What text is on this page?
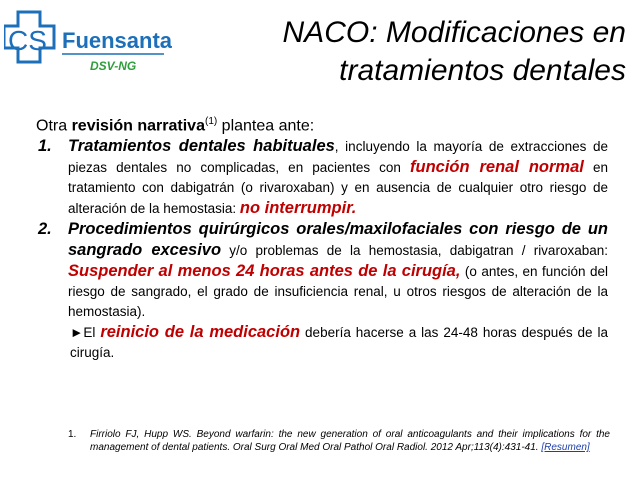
CS Fuensanta
DSV-NG
NACO: Modificaciones en
tratamientos dentales
Otra revisión narrativa$^{(1)}$ plantea ante:
1. Tratamientos dentales habituales, incluyendo la mayoría de extracciones de piezas dentales no complicadas, en pacientes con función renal normal en tratamiento con dabigatrán (o rivaroxaban) y en ausencia de cualquier otro riesgo de alteración de la hemostasia: no interrumpir.
2. Procedimientos quirúrgicos orales/maxilofaciales con riesgo de un sangrado excesivo y/o problemas de la hemostasia, dabigatran / rivaroxaban: Suspender al menos 24 horas antes de la cirugía, (o antes, en función del riesgo de sangrado, el grado de insuficiencia renal, u otros riesgos de alteración de la hemostasia).
►El reinicio de la medicación debería hacerse a las 24-48 horas después de la cirugía.
1.	Firriolo FJ, Hupp WS. Beyond warfarin: the new generation of oral anticoagulants and their implications for the management of dental patients. Oral Surg Oral Med Oral Pathol Oral Radiol. 2012 Apr;113(4):431-41. [Resumen]
